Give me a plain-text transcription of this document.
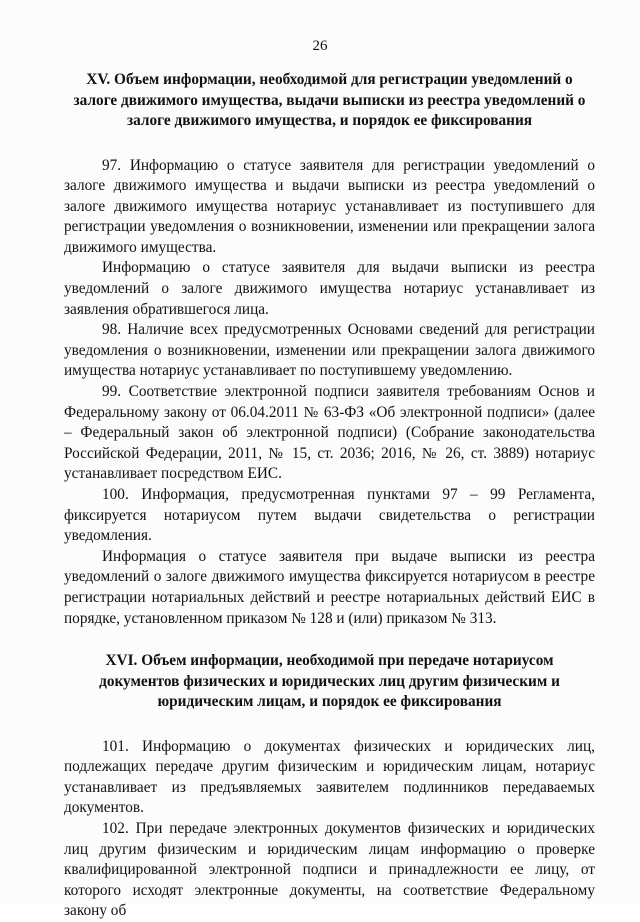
26
XV. Объем информации, необходимой для регистрации уведомлений о залоге движимого имущества, выдачи выписки из реестра уведомлений о залоге движимого имущества, и порядок ее фиксирования

97. Информацию о статусе заявителя для регистрации уведомлений о залоге движимого имущества и выдачи выписки из реестра уведомлений о залоге движимого имущества нотариус устанавливает из поступившего для регистрации уведомления о возникновении, изменении или прекращении залога движимого имущества.

Информацию о статусе заявителя для выдачи выписки из реестра уведомлений о залоге движимого имущества нотариус устанавливает из заявления обратившегося лица.

98. Наличие всех предусмотренных Основами сведений для регистрации уведомления о возникновении, изменении или прекращении залога движимого имущества нотариус устанавливает по поступившему уведомлению.

99. Соответствие электронной подписи заявителя требованиям Основ и Федеральному закону от 06.04.2011 № 63-ФЗ «Об электронной подписи» (далее – Федеральный закон об электронной подписи) (Собрание законодательства Российской Федерации, 2011, № 15, ст. 2036; 2016, № 26, ст. 3889) нотариус устанавливает посредством ЕИС.

100. Информация, предусмотренная пунктами 97 – 99 Регламента, фиксируется нотариусом путем выдачи свидетельства о регистрации уведомления.

Информация о статусе заявителя при выдаче выписки из реестра уведомлений о залоге движимого имущества фиксируется нотариусом в реестре регистрации нотариальных действий и реестре нотариальных действий ЕИС в порядке, установленном приказом № 128 и (или) приказом № 313.

XVI. Объем информации, необходимой при передаче нотариусом документов физических и юридических лиц другим физическим и юридическим лицам, и порядок ее фиксирования

101. Информацию о документах физических и юридических лиц, подлежащих передаче другим физическим и юридическим лицам, нотариус устанавливает из предъявляемых заявителем подлинников передаваемых документов.

102. При передаче электронных документов физических и юридических лиц другим физическим и юридическим лицам информацию о проверке квалифицированной электронной подписи и принадлежности ее лицу, от которого исходят электронные документы, на соответствие Федеральному закону об
